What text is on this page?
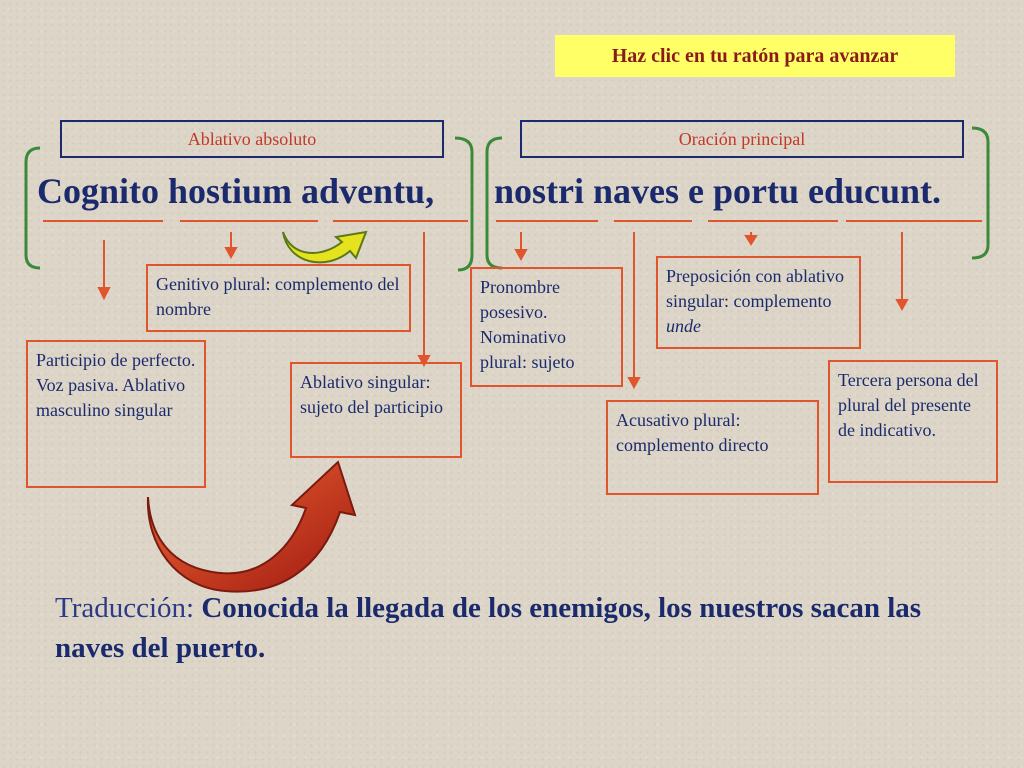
Haz clic en tu ratón para avanzar
Ablativo absoluto	Oración principal
Cognito hostium adventu, nostri naves e portu educunt.
Genitivo plural: complemento del nombre
Participio de perfecto. Voz pasiva. Ablativo masculino singular
Ablativo singular: sujeto del participio
Pronombre posesivo. Nominativo plural: sujeto
Preposición con ablativo singular: complemento unde
Acusativo plural: complemento directo
Tercera persona del plural del presente de indicativo.
Traducción: Conocida la llegada de los enemigos, los nuestros sacan las naves del puerto.
